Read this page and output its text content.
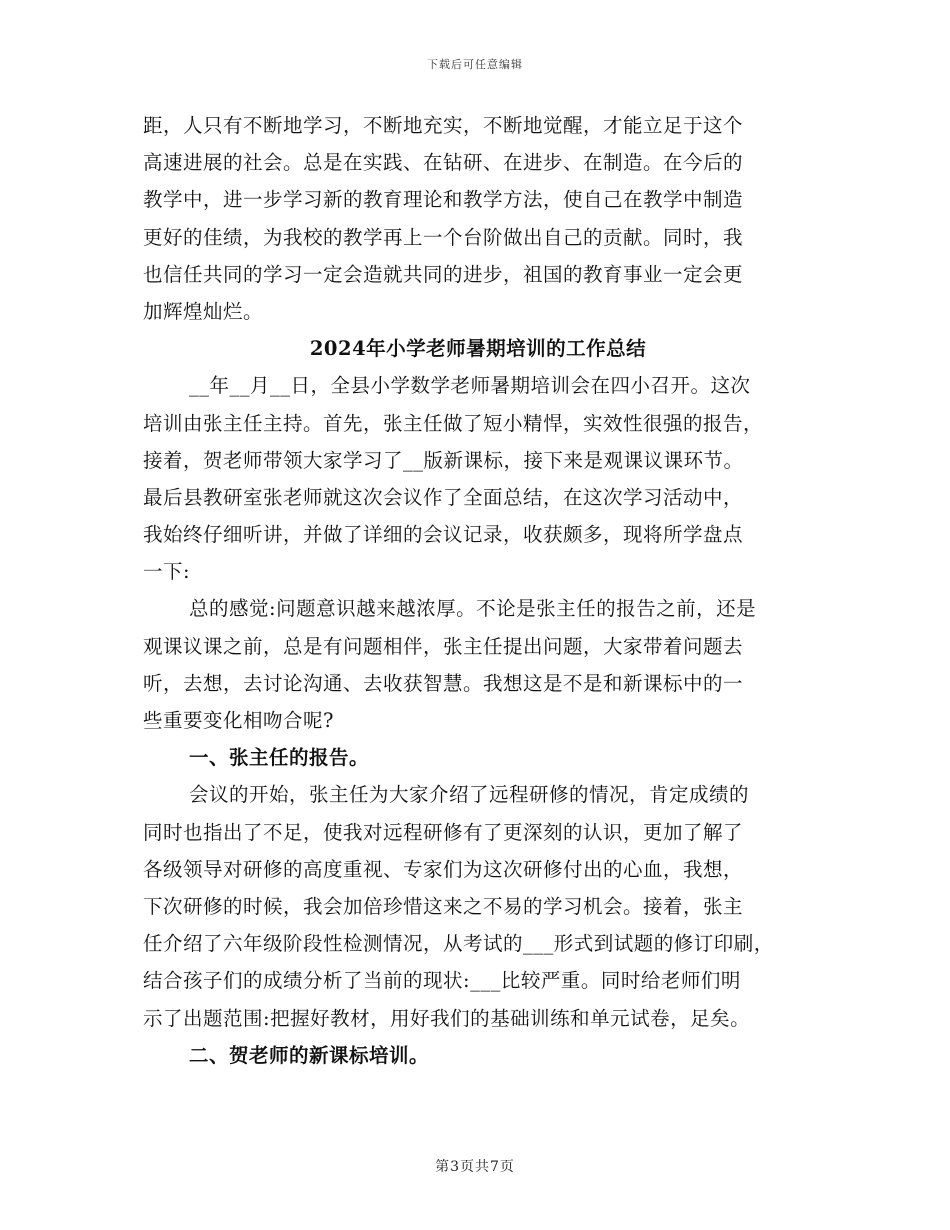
下载后可任意编辑
距，人只有不断地学习，不断地充实，不断地觉醒，才能立足于这个
高速进展的社会。总是在实践、在钻研、在进步、在制造。在今后的
教学中，进一步学习新的教育理论和教学方法，使自己在教学中制造
更好的佳绩，为我校的教学再上一个台阶做出自己的贡献。同时，我
也信任共同的学习一定会造就共同的进步，祖国的教育事业一定会更
加辉煌灿烂。
2024年小学老师暑期培训的工作总结
__年__月__日，全县小学数学老师暑期培训会在四小召开。这次
培训由张主任主持。首先，张主任做了短小精悍，实效性很强的报告，
接着，贺老师带领大家学习了__版新课标，接下来是观课议课环节。
最后县教研室张老师就这次会议作了全面总结，在这次学习活动中，
我始终仔细听讲，并做了详细的会议记录，收获颇多，现将所学盘点
一下:
总的感觉:问题意识越来越浓厚。不论是张主任的报告之前，还是
观课议课之前，总是有问题相伴，张主任提出问题，大家带着问题去
听，去想，去讨论沟通、去收获智慧。我想这是不是和新课标中的一
些重要变化相吻合呢?
一、张主任的报告。
会议的开始，张主任为大家介绍了远程研修的情况，肯定成绩的
同时也指出了不足，使我对远程研修有了更深刻的认识，更加了解了
各级领导对研修的高度重视、专家们为这次研修付出的心血，我想，
下次研修的时候，我会加倍珍惜这来之不易的学习机会。接着，张主
任介绍了六年级阶段性检测情况，从考试的___形式到试题的修订印刷，
结合孩子们的成绩分析了当前的现状:___比较严重。同时给老师们明
示了出题范围:把握好教材，用好我们的基础训练和单元试卷，足矣。
二、贺老师的新课标培训。
第3页共7页
